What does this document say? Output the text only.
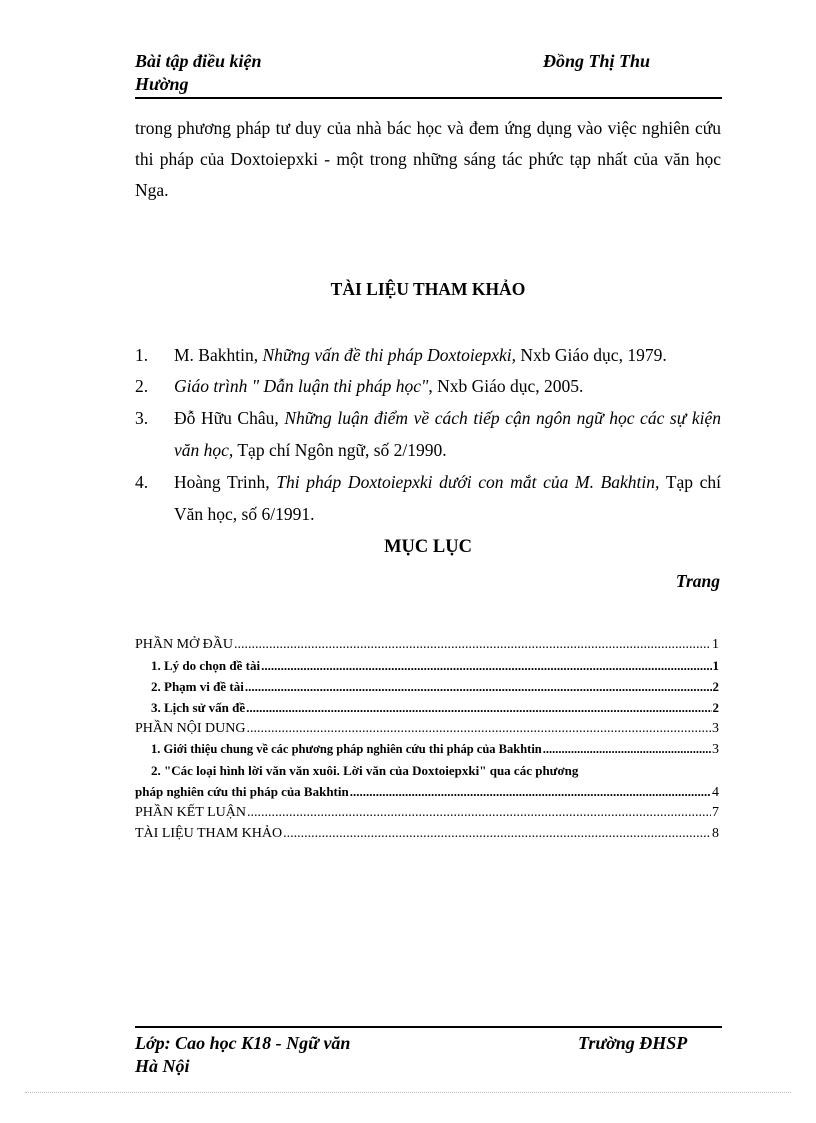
Bài tập điều kiện	Đồng Thị Thu
Hường
trong phương pháp tư duy của nhà bác học và đem ứng dụng vào việc nghiên cứu thi pháp của Doxtoiepxki - một trong những sáng tác phức tạp nhất của văn học Nga.
TÀI LIỆU THAM KHẢO
1. M. Bakhtin, Những vấn đề thi pháp Doxtoiepxki, Nxb Giáo dục, 1979.
2. Giáo trình " Dẫn luận thi pháp học", Nxb Giáo dục, 2005.
3. Đỗ Hữu Châu, Những luận điểm về cách tiếp cận ngôn ngữ học các sự kiện văn học, Tạp chí Ngôn ngữ, số 2/1990.
4. Hoàng Trinh, Thi pháp Doxtoiepxki dưới con mắt của M. Bakhtin, Tạp chí Văn học, số 6/1991.
MỤC LỤC
Trang
PHẦN MỞ ĐẦU .....	1
1. Lý do chọn đề tài .....	1
2. Phạm vi đề tài .....	2
3. Lịch sử vấn đề .....	2
PHẦN NỘI DUNG .....	3
1. Giới thiệu chung về các phương pháp nghiên cứu thi pháp của Bakhtin .....	3
2. "Các loại hình lời văn văn xuôi. Lời văn của Doxtoiepxki" qua các phương
pháp nghiên cứu thi pháp của Bakhtin .....	4
PHẦN KẾT LUẬN .....	7
TÀI LIỆU THAM KHẢO .....	8
Lớp: Cao học K18 - Ngữ văn	Trường ĐHSP
Hà Nội
